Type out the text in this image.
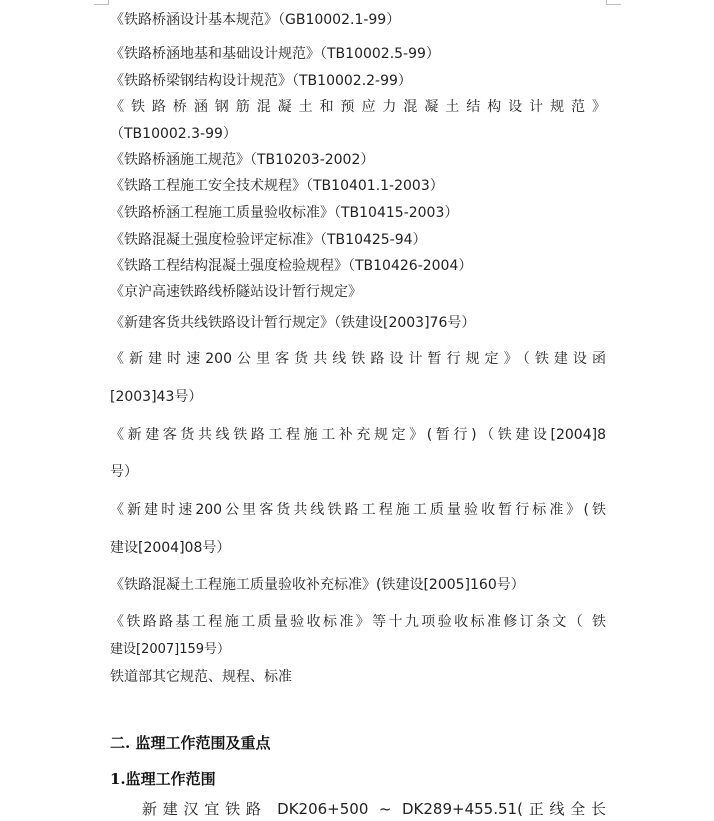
《铁路桥涵设计基本规范》（GB10002.1-99）
《铁路桥涵地基和基础设计规范》（TB10002.5-99）
《铁路桥梁钢结构设计规范》（TB10002.2-99）
《铁路桥涵钢筋混凝土和预应力混凝土结构设计规范》
（TB10002.3-99）
《铁路桥涵施工规范》（TB10203-2002）
《铁路工程施工安全技术规程》（TB10401.1-2003）
《铁路桥涵工程施工质量验收标准》（TB10415-2003）
《铁路混凝土强度检验评定标准》（TB10425-94）
《铁路工程结构混凝土强度检验规程》（TB10426-2004）
《京沪高速铁路线桥隧站设计暂行规定》
《新建客货共线铁路设计暂行规定》（铁建设[2003]76号）
《新建时速200公里客货共线铁路设计暂行规定》（铁建设函
[2003]43号）
《新建客货共线铁路工程施工补充规定》(暂行)（铁建设[2004]8
号）
《新建时速200公里客货共线铁路工程施工质量验收暂行标准》(铁
建设[2004]08号）
《铁路混凝土工程施工质量验收补充标准》(铁建设[2005]160号）
《铁路路基工程施工质量验收标准》等十九项验收标准修订条文（ 铁
建设[2007]159号）
铁道部其它规范、规程、标准
二. 监理工作范围及重点
1.监理工作范围
新建汉宜铁路 DK206+500 ~ DK289+455.51(正线全长
